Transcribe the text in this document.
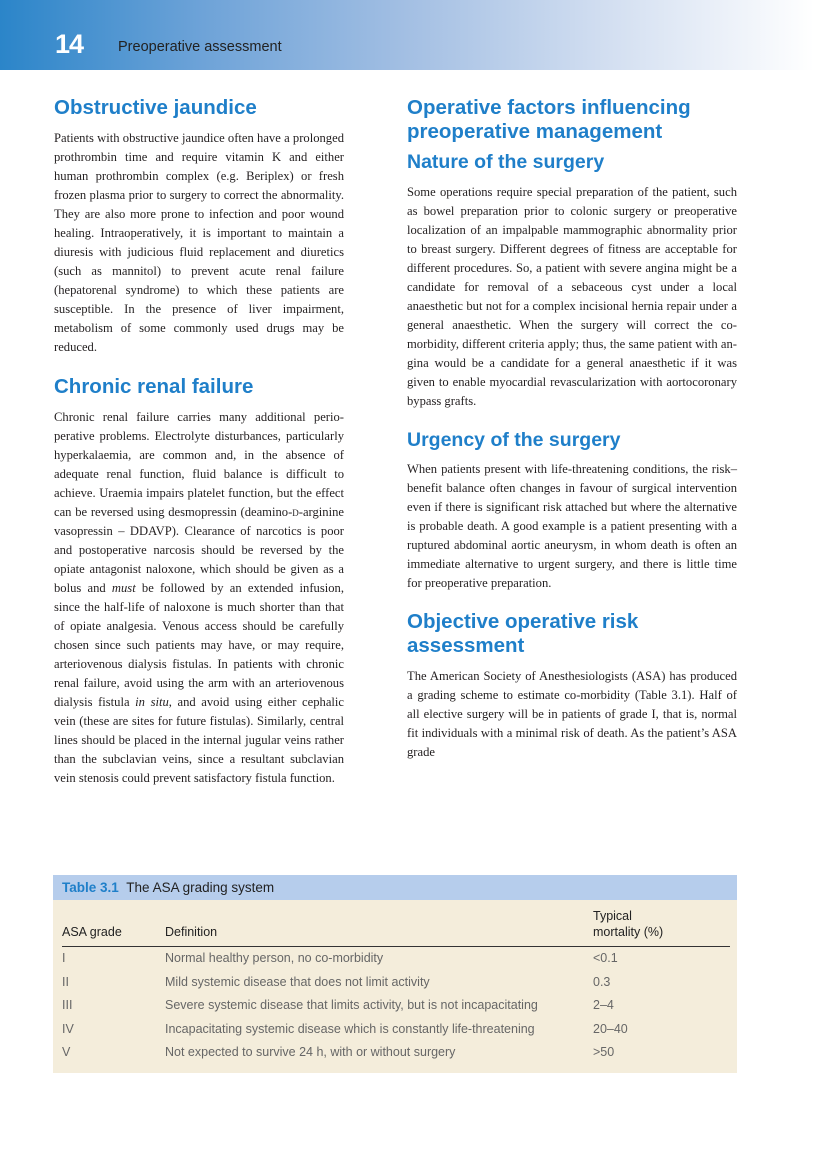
14 Preoperative assessment
Obstructive jaundice

Patients with obstructive jaundice often have a prolonged prothrombin time and require vitamin K and either human prothrombin complex (e.g. Beriplex) or fresh frozen plasma prior to surgery to correct the abnormality. They are also more prone to infection and poor wound healing. Intraoperatively, it is important to maintain a diuresis with judicious fluid replacement and diuretics (such as mannitol) to prevent acute renal failure (hepatorenal syndrome) to which these patients are susceptible. In the presence of liver impairment, metabolism of some commonly used drugs may be reduced.

Chronic renal failure

Chronic renal failure carries many additional perioperative problems. Electrolyte disturbances, particularly hyperkalaemia, are common and, in the absence of adequate renal function, fluid balance is difficult to achieve. Uraemia impairs platelet function, but the effect can be reversed using desmopressin (deamino-d-arginine vasopressin – DDAVP). Clearance of narcotics is poor and postoperative narcosis should be reversed by the opiate antagonist naloxone, which should be given as a bolus and must be followed by an extended infusion, since the half-life of naloxone is much shorter than that of opiate analgesia. Venous access should be carefully chosen since such patients may have, or may require, arteriovenous dialysis fistulas. In patients with chronic renal failure, avoid using the arm with an arteriovenous dialysis fistula in situ, and avoid using either cephalic vein (these are sites for future fistulas). Similarly, central lines should be placed in the internal jugular veins rather than the subclavian veins, since a resultant subclavian vein stenosis could prevent satisfactory fistula function.

Operative factors influencing preoperative management
Nature of the surgery

Some operations require special preparation of the patient, such as bowel preparation prior to colonic surgery or preoperative localization of an impalpable mammographic abnormality prior to breast surgery. Different degrees of fitness are acceptable for different procedures. So, a patient with severe angina might be a candidate for removal of a sebaceous cyst under a local anaesthetic but not for a complex incisional hernia repair under a general anaesthetic. When the surgery will correct the co-morbidity, different criteria apply; thus, the same patient with angina would be a candidate for a general anaesthetic if it was given to enable myocardial revascularization with aortocoronary bypass grafts.

Urgency of the surgery

When patients present with life-threatening conditions, the risk–benefit balance often changes in favour of surgical intervention even if there is significant risk attached but where the alternative is probable death. A good example is a patient presenting with a ruptured abdominal aortic aneurysm, in whom death is often an immediate alternative to urgent surgery, and there is little time for preoperative preparation.

Objective operative risk assessment

The American Society of Anesthesiologists (ASA) has produced a grading scheme to estimate co-morbidity (Table 3.1). Half of all elective surgery will be in patients of grade I, that is, normal fit individuals with a minimal risk of death. As the patient’s ASA grade

Table 3.1 The ASA grading system
ASA grade	Definition	Typical
mortality (%)
I	Normal healthy person, no co-morbidity	<0.1
II	Mild systemic disease that does not limit activity	0.3
III	Severe systemic disease that limits activity, but is not incapacitating	2–4
IV	Incapacitating systemic disease which is constantly life-threatening	20–40
V	Not expected to survive 24 h, with or without surgery	>50
